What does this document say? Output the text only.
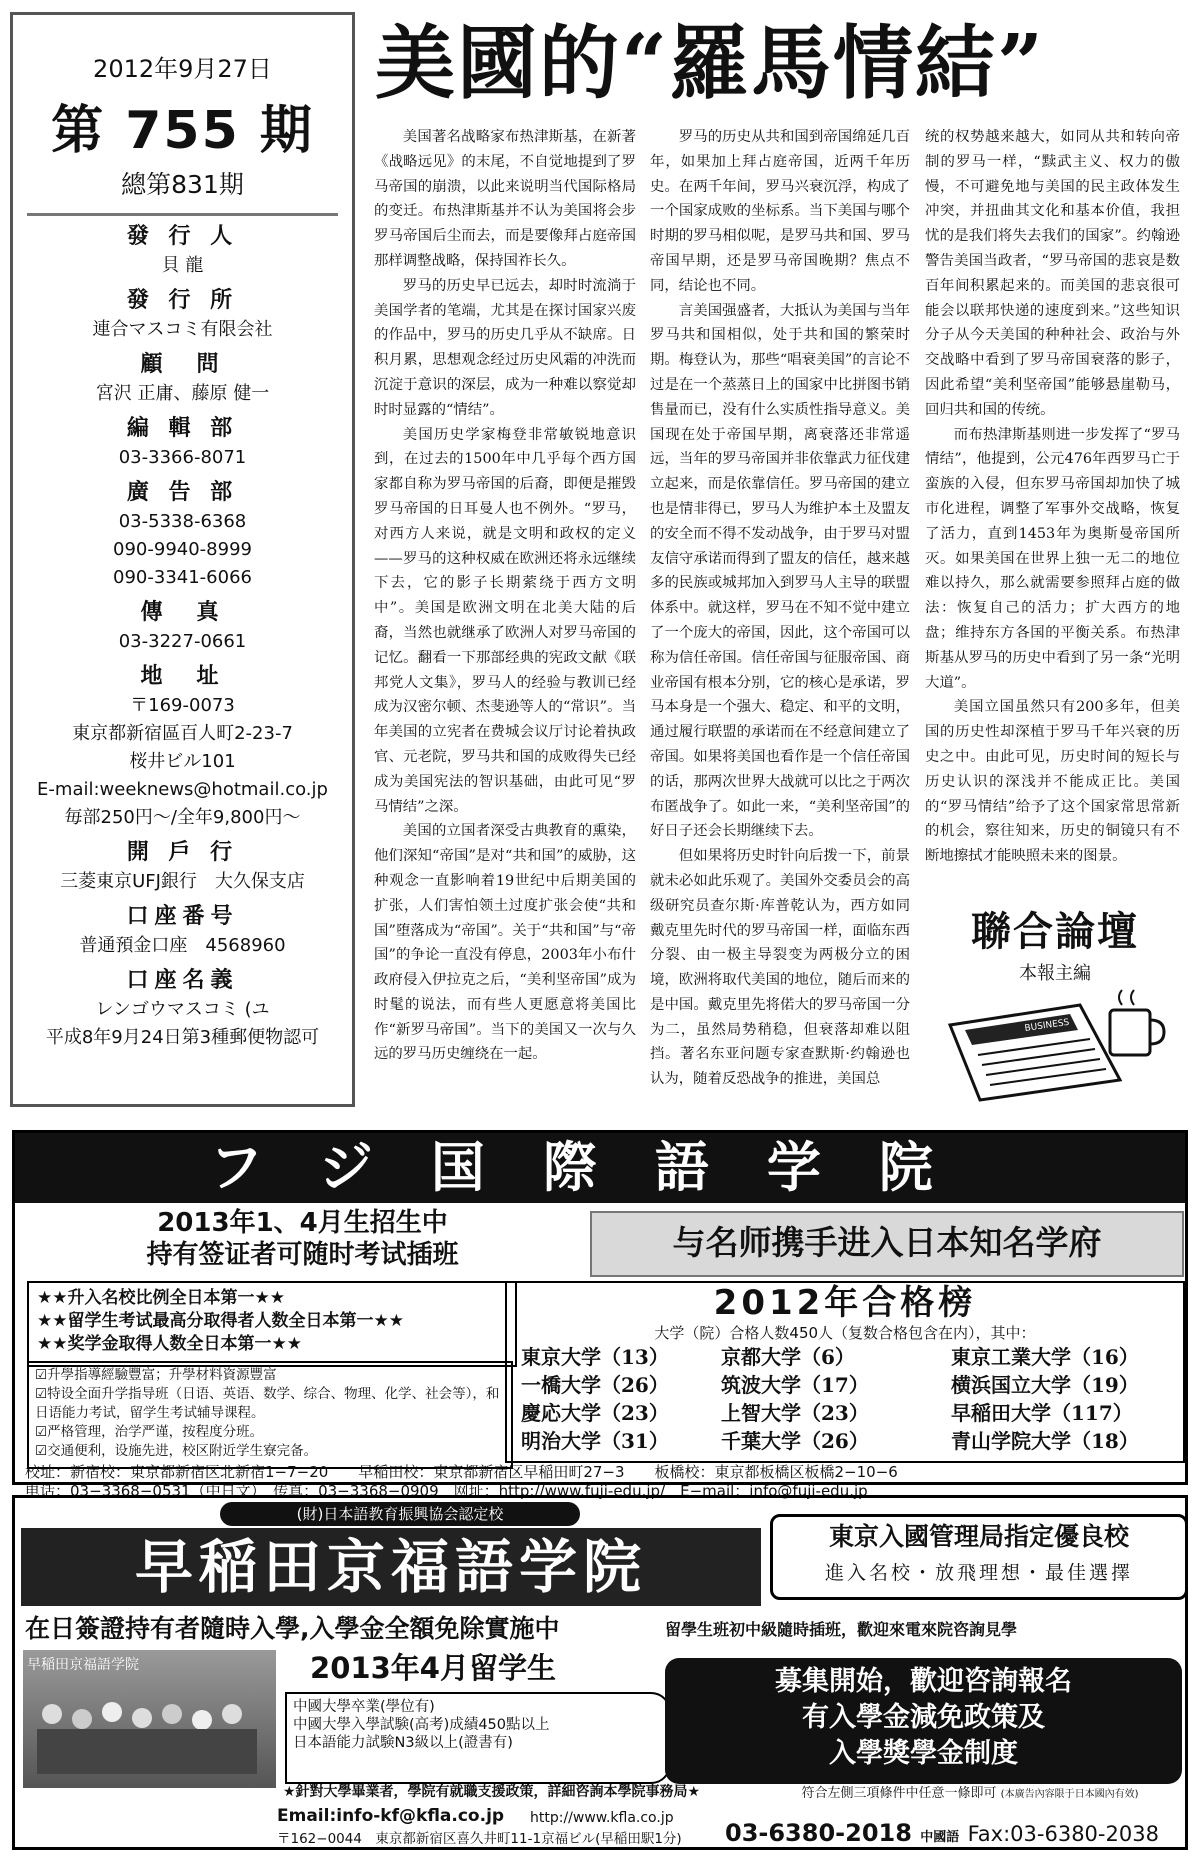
2012年9月27日
第 755 期
總第831期
發 行 人
貝 龍
發 行 所
連合マスコミ有限会社
顧　問
宮沢 正庸、藤原 健一
編 輯 部
03-3366-8071
廣 告 部
03-5338-6368
090-9940-8999
090-3341-6066
傳　真
03-3227-0661
地　址
〒169-0073
東京都新宿區百人町2-23-7
桜井ビル101
E-mail:weeknews@hotmail.co.jp
毎部250円～/全年9,800円～
開 戶 行
三菱東京UFJ銀行　大久保支店
口座番号
普通預金口座　4568960
口座名義
レンゴウマスコミ (ユ
平成8年9月24日第3種郵便物認可
美國的“羅馬情結”

美国著名战略家布热津斯基，在新著《战略远见》的末尾，不自觉地提到了罗马帝国的崩溃，以此来说明当代国际格局的变迁。布热津斯基并不认为美国将会步罗马帝国后尘而去，而是要像拜占庭帝国那样调整战略，保持国祚长久。

罗马的历史早已远去，却时时流淌于美国学者的笔端，尤其是在探讨国家兴废的作品中，罗马的历史几乎从不缺席。日积月累，思想观念经过历史风霜的冲洗而沉淀于意识的深层，成为一种难以察觉却时时显露的“情结”。

美国历史学家梅登非常敏锐地意识到，在过去的1500年中几乎每个西方国家都自称为罗马帝国的后裔，即便是摧毁罗马帝国的日耳曼人也不例外。“罗马，对西方人来说，就是文明和政权的定义——罗马的这种权威在欧洲还将永远继续下去，它的影子长期萦绕于西方文明中”。美国是欧洲文明在北美大陆的后裔，当然也就继承了欧洲人对罗马帝国的记忆。翻看一下那部经典的宪政文献《联邦党人文集》，罗马人的经验与教训已经成为汉密尔顿、杰斐逊等人的“常识”。当年美国的立宪者在费城会议厅讨论着执政官、元老院，罗马共和国的成败得失已经成为美国宪法的智识基础，由此可见“罗马情结”之深。

美国的立国者深受古典教育的熏染，他们深知“帝国”是对“共和国”的威胁，这种观念一直影响着19世纪中后期美国的扩张，人们害怕领土过度扩张会使“共和国”堕落成为“帝国”。关于“共和国”与“帝国”的争论一直没有停息，2003年小布什政府侵入伊拉克之后，“美利坚帝国”成为时髦的说法，而有些人更愿意将美国比作“新罗马帝国”。当下的美国又一次与久远的罗马历史缠绕在一起。

罗马的历史从共和国到帝国绵延几百年，如果加上拜占庭帝国，近两千年历史。在两千年间，罗马兴衰沉浮，构成了一个国家成败的坐标系。当下美国与哪个时期的罗马相似呢，是罗马共和国、罗马帝国早期，还是罗马帝国晚期？焦点不同，结论也不同。

言美国强盛者，大抵认为美国与当年罗马共和国相似，处于共和国的繁荣时期。梅登认为，那些“唱衰美国”的言论不过是在一个蒸蒸日上的国家中比拼图书销售量而已，没有什么实质性指导意义。美国现在处于帝国早期，离衰落还非常遥远，当年的罗马帝国并非依靠武力征伐建立起来，而是依靠信任。罗马帝国的建立也是情非得已，罗马人为维护本土及盟友的安全而不得不发动战争，由于罗马对盟友信守承诺而得到了盟友的信任，越来越多的民族或城邦加入到罗马人主导的联盟体系中。就这样，罗马在不知不觉中建立了一个庞大的帝国，因此，这个帝国可以称为信任帝国。信任帝国与征服帝国、商业帝国有根本分别，它的核心是承诺，罗马本身是一个强大、稳定、和平的文明，通过履行联盟的承诺而在不经意间建立了帝国。如果将美国也看作是一个信任帝国的话，那两次世界大战就可以比之于两次布匿战争了。如此一来，“美利坚帝国”的好日子还会长期继续下去。

但如果将历史时针向后拨一下，前景就未必如此乐观了。美国外交委员会的高级研究员查尔斯·库普乾认为，西方如同戴克里先时代的罗马帝国一样，面临东西分裂、由一极主导裂变为两极分立的困境，欧洲将取代美国的地位，随后而来的是中国。戴克里先将偌大的罗马帝国一分为二，虽然局势稍稳，但衰落却难以阻挡。著名东亚问题专家查默斯·约翰逊也认为，随着反恐战争的推进，美国总

统的权势越来越大，如同从共和转向帝制的罗马一样，“黩武主义、权力的傲慢，不可避免地与美国的民主政体发生冲突，并扭曲其文化和基本价值，我担忧的是我们将失去我们的国家”。约翰逊警告美国当政者，“罗马帝国的悲哀是数百年间积累起来的。而美国的悲哀很可能会以联邦快递的速度到来。”这些知识分子从今天美国的种种社会、政治与外交战略中看到了罗马帝国衰落的影子，因此希望“美利坚帝国”能够悬崖勒马，回归共和国的传统。

而布热津斯基则进一步发挥了“罗马情结”，他提到，公元476年西罗马亡于蛮族的入侵，但东罗马帝国却加快了城市化进程，调整了军事外交战略，恢复了活力，直到1453年为奥斯曼帝国所灭。如果美国在世界上独一无二的地位难以持久，那么就需要参照拜占庭的做法：恢复自己的活力；扩大西方的地盘；维持东方各国的平衡关系。布热津斯基从罗马的历史中看到了另一条“光明大道”。

美国立国虽然只有200多年，但美国的历史性却深植于罗马千年兴衰的历史之中。由此可见，历史时间的短长与历史认识的深浅并不能成正比。美国的“罗马情结”给予了这个国家常思常新的机会，察往知来，历史的铜镜只有不断地擦拭才能映照未来的图景。

聯合論壇
本報主編
BUSINESS
フジ国際語学院
2013年1、4月生招生中
持有签证者可随时考试插班	与名师携手进入日本知名学府
★★升入名校比例全日本第一★★
★★留学生考试最高分取得者人数全日本第一★★
★★奖学金取得人数全日本第一★★
☑升學指導經驗豐富；升學材料資源豐富
☑特设全面升学指导班（日语、英语、数学、综合、物理、化学、社会等），和日语能力考试，留学生考试辅导课程。
☑严格管理，治学严谨，按程度分班。
☑交通便利，设施先进，校区附近学生寮完备。
2012年合格榜
大学（院）合格人数450人（复数合格包含在内），其中：
東京大学（13）	京都大学（6）	東京工業大学（16）
一橋大学（26）	筑波大学（17）	横浜国立大学（19）
慶応大学（23）	上智大学（23）	早稲田大学（117）
明治大学（31）	千葉大学（26）	青山学院大学（18）
校址：新宿校：東京都新宿区北新宿1−7−20　　早稲田校：東京都新宿区早稲田町27−3　　板橋校：東京都板橋区板橋2−10−6
电话：03−3368−0531（中日文）　传真：03−3368−0909　网址：http://www.fuji-edu.jp/　E−mail：info@fuji-edu.jp
(財)日本語教育振興協会認定校
早稲田京福語学院	東京入國管理局指定優良校
進入名校・放飛理想・最佳選擇
在日簽證持有者隨時入學,入學金全額免除實施中	留學生班初中級隨時插班，歡迎來電來院咨詢見學
早稲田京福語学院	2013年4月留学生
中國大學卒業(學位有)
中國大學入學試験(高考)成績450點以上
日本語能力試験N3級以上(證書有)
募集開始，歡迎咨詢報名
有入學金減免政策及
入學獎學金制度
★針對大學畢業者，學院有就職支援政策，詳細咨詢本學院事務局★	符合左側三項條件中任意一條即可 (本廣告內容限于日本國內有效)
Email:info-kf@kfla.co.jp	http://www.kfla.co.jp
〒162−0044　東京都新宿区喜久井町11-1京福ビル(早稲田駅1分)	03-6380-2018 中國語 Fax:03-6380-2038
